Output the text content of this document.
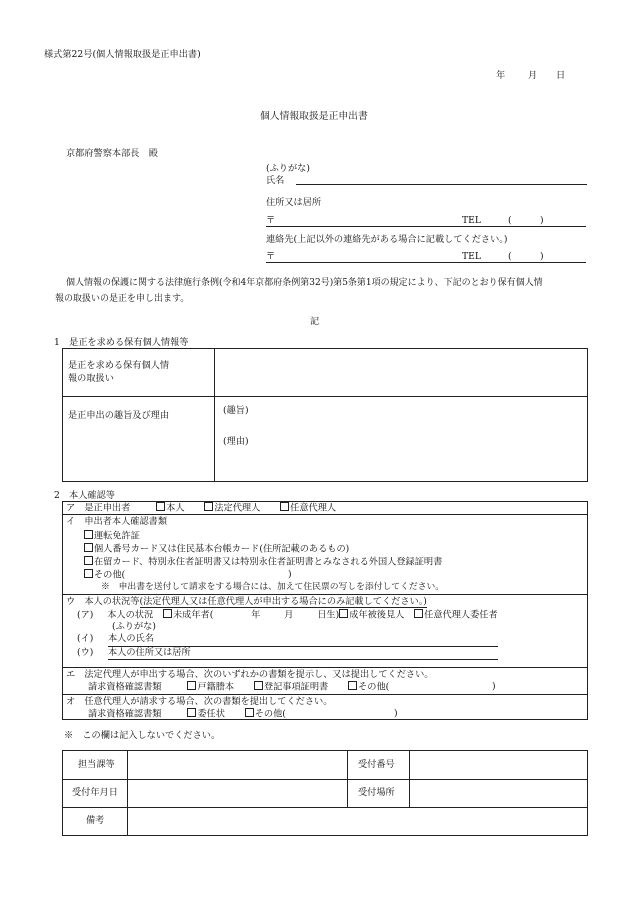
様式第22号(個人情報取扱是正申出書)
年 月 日
個人情報取扱是正申出書
京都府警察本部長　殿
(ふりがな)
氏名
住所又は居所
〒	TEL	(	)
連絡先(上記以外の連絡先がある場合に記載してください。)
〒	TEL	(	)
個人情報の保護に関する法律施行条例(令和4年京都府条例第32号)第5条第1項の規定により、下記のとおり保有個人情
報の取扱いの是正を申し出ます。
記
1　是正を求める保有個人情報等
是正を求める保有個人情
報の取扱い
是正申出の趣旨及び理由	(趣旨)
(理由)
2　本人確認等
ア　是正申出者	本人	法定代理人	任意代理人
イ　申出者本人確認書類
運転免許証
個人番号カード又は住民基本台帳カード(住所記載のあるもの)
在留カード、特別永住者証明書又は特別永住者証明書とみなされる外国人登録証明書
その他(	)
※　申出書を送付して請求をする場合には、加えて住民票の写しを添付してください。
ウ　本人の状況等(法定代理人又は任意代理人が申出する場合にのみ記載してください。)
(ア) 本人の状況 未成年者(	年	月	日生) 成年被後見人 任意代理人委任者
(ふりがな)
(イ) 本人の氏名
(ウ) 本人の住所又は居所
エ　法定代理人が申出する場合、次のいずれかの書類を提示し、又は提出してください。
請求資格確認書類	戸籍謄本	登記事項証明書	その他(	)
オ　任意代理人が請求する場合、次の書類を提出してください。
請求資格確認書類	委任状	その他(	)
※　この欄は記入しないでください。
担当課等	受付番号
受付年月日	受付場所
備考
